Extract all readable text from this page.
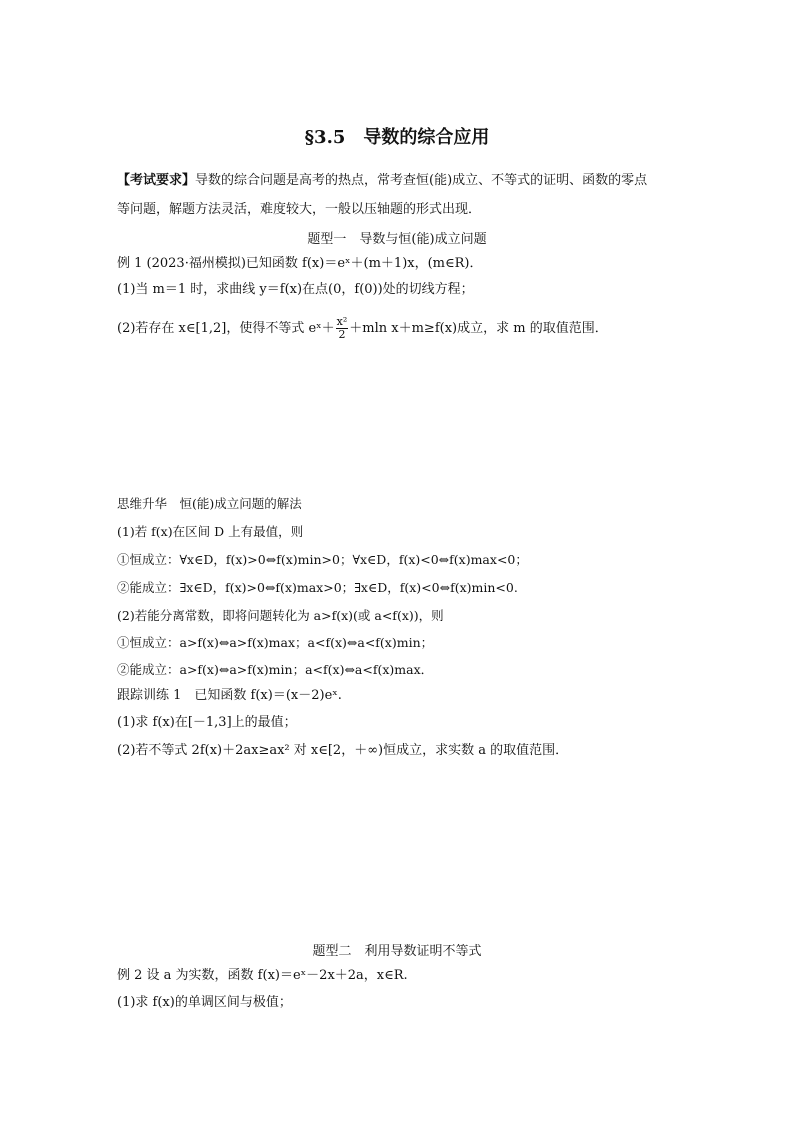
§3.5　导数的综合应用
【考试要求】导数的综合问题是高考的热点，常考查恒(能)成立、不等式的证明、函数的零点
等问题，解题方法灵活，难度较大，一般以压轴题的形式出现．
题型一　导数与恒(能)成立问题
例 1 (2023·福州模拟)已知函数 f(x)＝eˣ＋(m＋1)x，(m∈R)．
(1)当 m＝1 时，求曲线 y＝f(x)在点(0，f(0))处的切线方程；
(2)若存在 x∈[1,2]，使得不等式 eˣ＋ $\frac{\text{x²}}{2} +mln$ x＋m≥f(x)成立，求 m 的取值范围．
思维升华　恒(能)成立问题的解法
(1)若 f(x)在区间 D 上有最值，则
①恒成立：∀x∈D，f(x)>0⇔f(x)min>0；∀x∈D，f(x)<0⇔f(x)max<0；
②能成立：∃x∈D，f(x)>0⇔f(x)max>0；∃x∈D，f(x)<0⇔f(x)min<0.
(2)若能分离常数，即将问题转化为 a>f(x)(或 a<f(x))，则
①恒成立：a>f(x)⇔a>f(x)max；a<f(x)⇔a<f(x)min；
②能成立：a>f(x)⇔a>f(x)min；a<f(x)⇔a<f(x)max．
跟踪训练 1　已知函数 f(x)＝(x－2)eˣ.
(1)求 f(x)在[－1,3]上的最值；
(2)若不等式 2f(x)＋2ax≥ax² 对 x∈[2，＋∞)恒成立，求实数 a 的取值范围．
题型二　利用导数证明不等式
例 2 设 a 为实数，函数 f(x)＝eˣ－2x＋2a，x∈R.
(1)求 f(x)的单调区间与极值；
